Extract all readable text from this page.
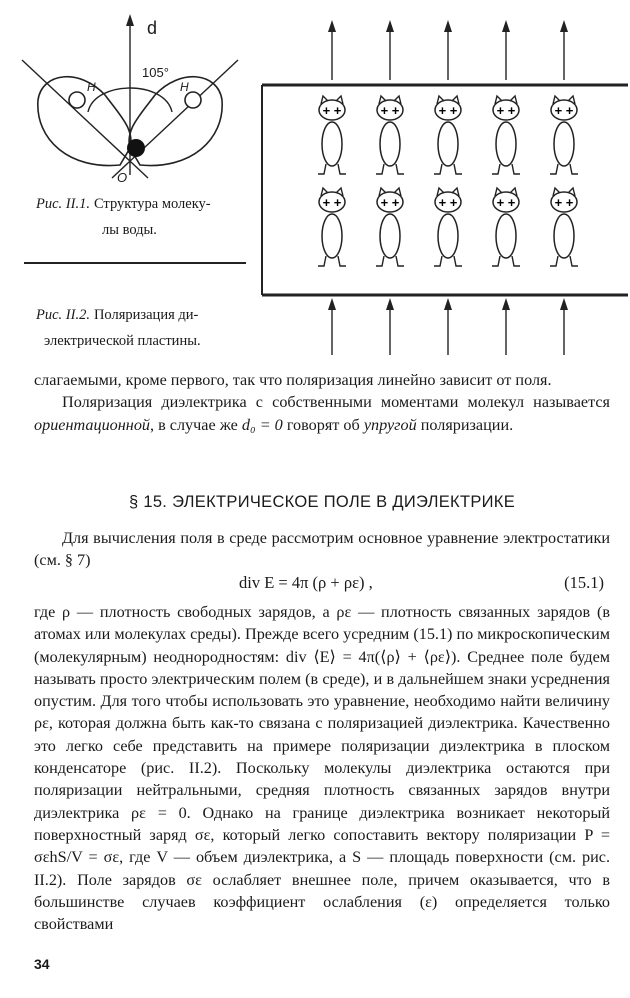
d
105°
H	H
O
Рис. II.1. Структура молеку-
лы воды.
Рис. II.2. Поляризация ди-
электрической пластины.
+ +	+ +	+ +	+ +	+ +
+ +	+ +	+ +	+ +	+ +

слагаемыми, кроме первого, так что поляризация линейно зависит от поля.

Поляризация диэлектрика с собственными моментами молекул называется ориентационной, в случае же d₀ = 0 говорят об упругой поляризации.

§ 15. ЭЛЕКТРИЧЕСКОЕ ПОЛЕ В ДИЭЛЕКТРИКЕ

Для вычисления поля в среде рассмотрим основное уравнение электростатики (см. § 7)

div E = 4π (ρ + ρε) ,	(15.1)

где ρ — плотность свободных зарядов, а ρε — плотность связанных зарядов (в атомах или молекулах среды). Прежде всего усредним (15.1) по микроскопическим (молекулярным) неоднородностям: div ⟨E⟩ = 4π(⟨ρ⟩ + ⟨ρε⟩). Среднее поле будем называть просто электрическим полем (в среде), и в дальнейшем знаки усреднения опустим. Для того чтобы использовать это уравнение, необходимо найти величину ρε, которая должна быть как-то связана с поляризацией диэлектрика. Качественно это легко себе представить на примере поляризации диэлектрика в плоском конденсаторе (рис. II.2). Поскольку молекулы диэлектрика остаются при поляризации нейтральными, средняя плотность связанных зарядов внутри диэлектрика ρε = 0. Однако на границе диэлектрика возникает некоторый поверхностный заряд σε, который легко сопоставить вектору поляризации P = σεhS/V = σε, где V — объем диэлектрика, а S — площадь поверхности (см. рис. II.2). Поле зарядов σε ослабляет внешнее поле, причем оказывается, что в большинстве случаев коэффициент ослабления (ε) определяется только свойствами

34
